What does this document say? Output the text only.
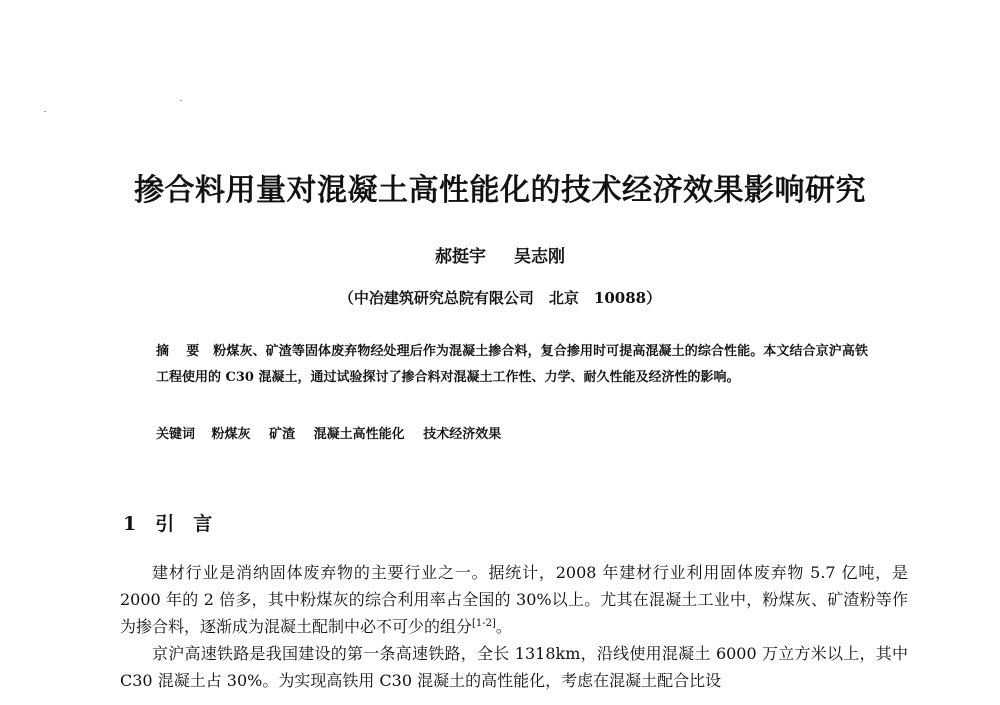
掺合料用量对混凝土高性能化的技术经济效果影响研究
郝挺宇 吴志刚
（中冶建筑研究总院有限公司　北京　10088）
摘　要 粉煤灰、矿渣等固体废弃物经处理后作为混凝土掺合料，复合掺用时可提高混凝土的综合性能。本文结合京沪高铁工程使用的 C30 混凝土，通过试验探讨了掺合料对混凝土工作性、力学、耐久性能及经济性的影响。
关键词 粉煤灰 矿渣 混凝土高性能化 技术经济效果
1　引　言

建材行业是消纳固体废弃物的主要行业之一。据统计，2008 年建材行业利用固体废弃物 5.7 亿吨，是 2000 年的 2 倍多，其中粉煤灰的综合利用率占全国的 30%以上。尤其在混凝土工业中，粉煤灰、矿渣粉等作为掺合料，逐渐成为混凝土配制中必不可少的组分[1-2]。

京沪高速铁路是我国建设的第一条高速铁路，全长 1318km，沿线使用混凝土 6000 万立方米以上，其中 C30 混凝土占 30%。为实现高铁用 C30 混凝土的高性能化，考虑在混凝土配合比设
